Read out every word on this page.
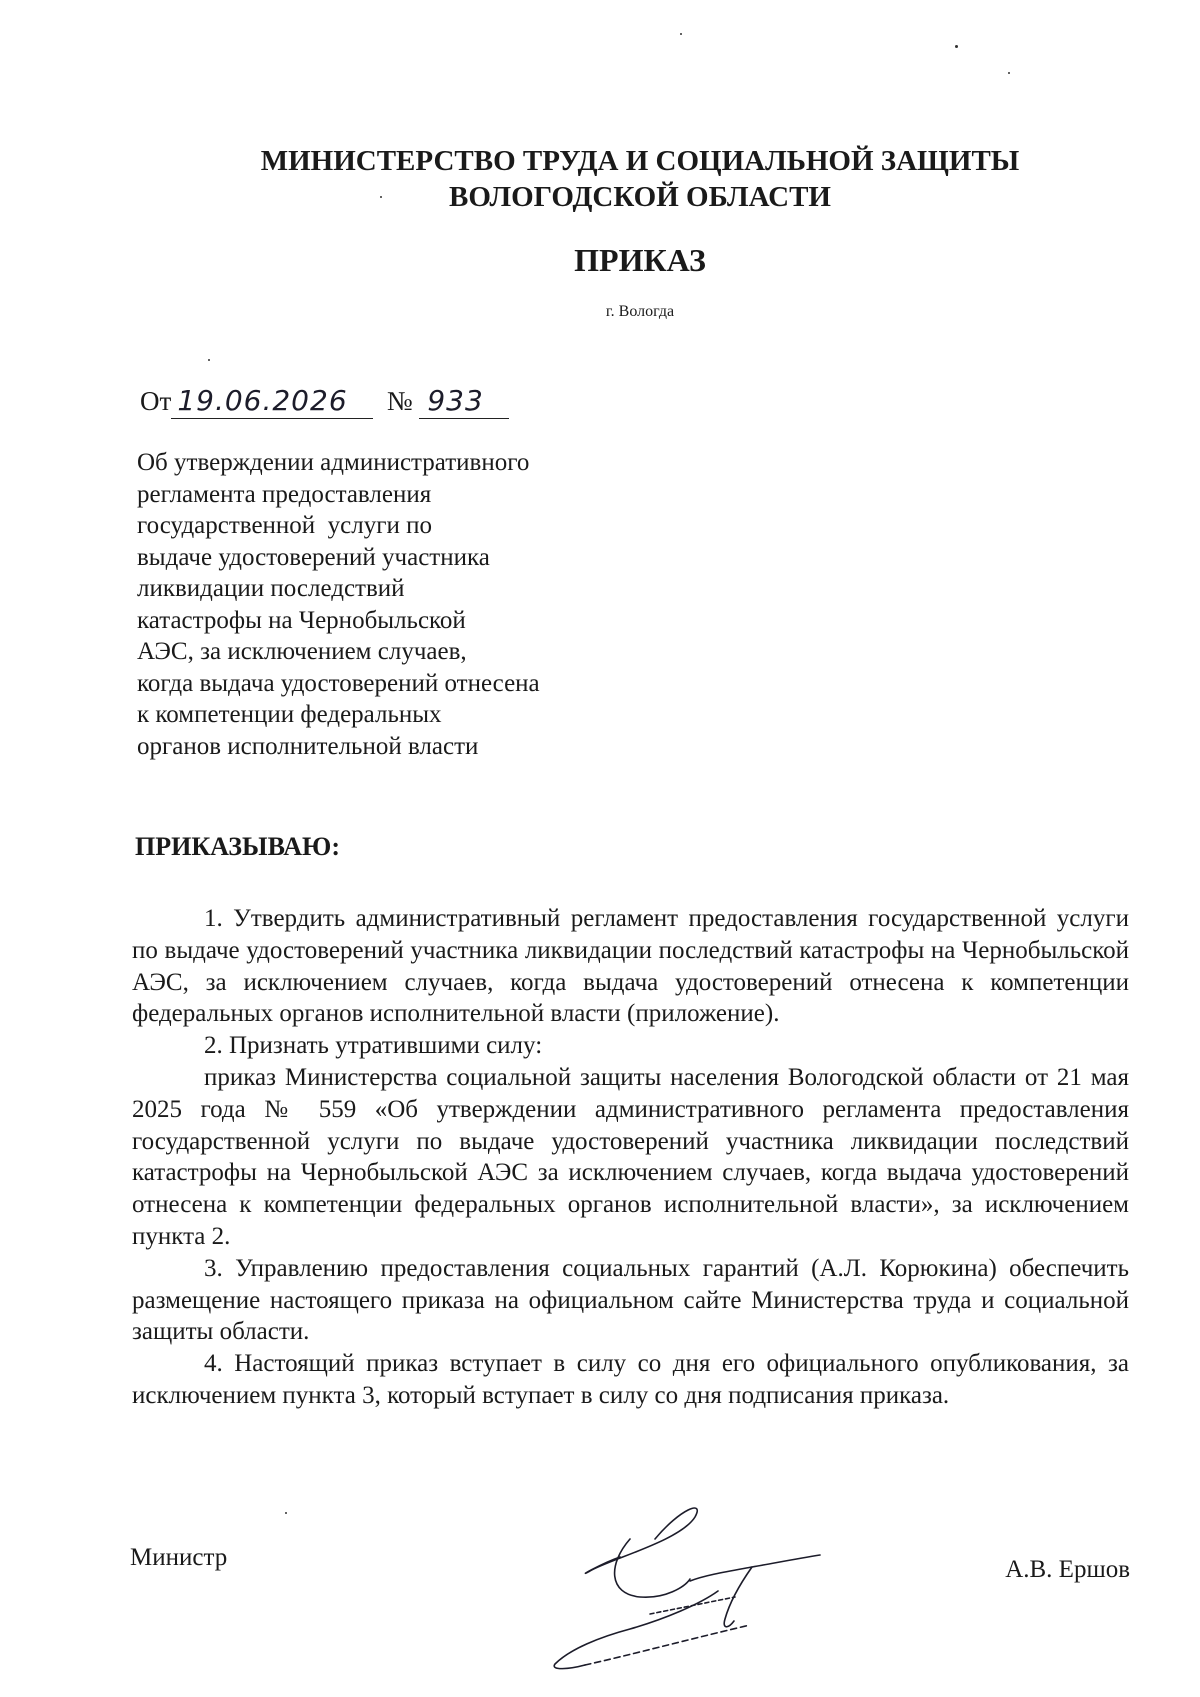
МИНИСТЕРСТВО ТРУДА И СОЦИАЛЬНОЙ ЗАЩИТЫ
ВОЛОГОДСКОЙ ОБЛАСТИ
ПРИКАЗ
г. Вологда
От 19.06.2026 № 933
Об утверждении административного
регламента предоставления
государственной  услуги по
выдаче удостоверений участника
ликвидации последствий
катастрофы на Чернобыльской
АЭС, за исключением случаев,
когда выдача удостоверений отнесена
к компетенции федеральных
органов исполнительной власти
ПРИКАЗЫВАЮ:

1. Утвердить административный регламент предоставления государственной услуги по выдаче удостоверений участника ликвидации последствий катастрофы на Чернобыльской АЭС, за исключением случаев, когда выдача удостоверений отнесена к компетенции федеральных органов исполнительной власти (приложение).

2. Признать утратившими силу:

приказ Министерства социальной защиты населения Вологодской области от 21 мая 2025 года № 559 «Об утверждении административного регламента предоставления государственной услуги по выдаче удостоверений участника ликвидации последствий катастрофы на Чернобыльской АЭС за исключением случаев, когда выдача удостоверений отнесена к компетенции федеральных органов исполнительной власти», за исключением пункта 2.

3. Управлению предоставления социальных гарантий (А.Л. Корюкина) обеспечить размещение настоящего приказа на официальном сайте Министерства труда и социальной защиты области.

4. Настоящий приказ вступает в силу со дня его официального опубликования, за исключением пункта 3, который вступает в силу со дня подписания приказа.

Министр	А.В. Ершов
